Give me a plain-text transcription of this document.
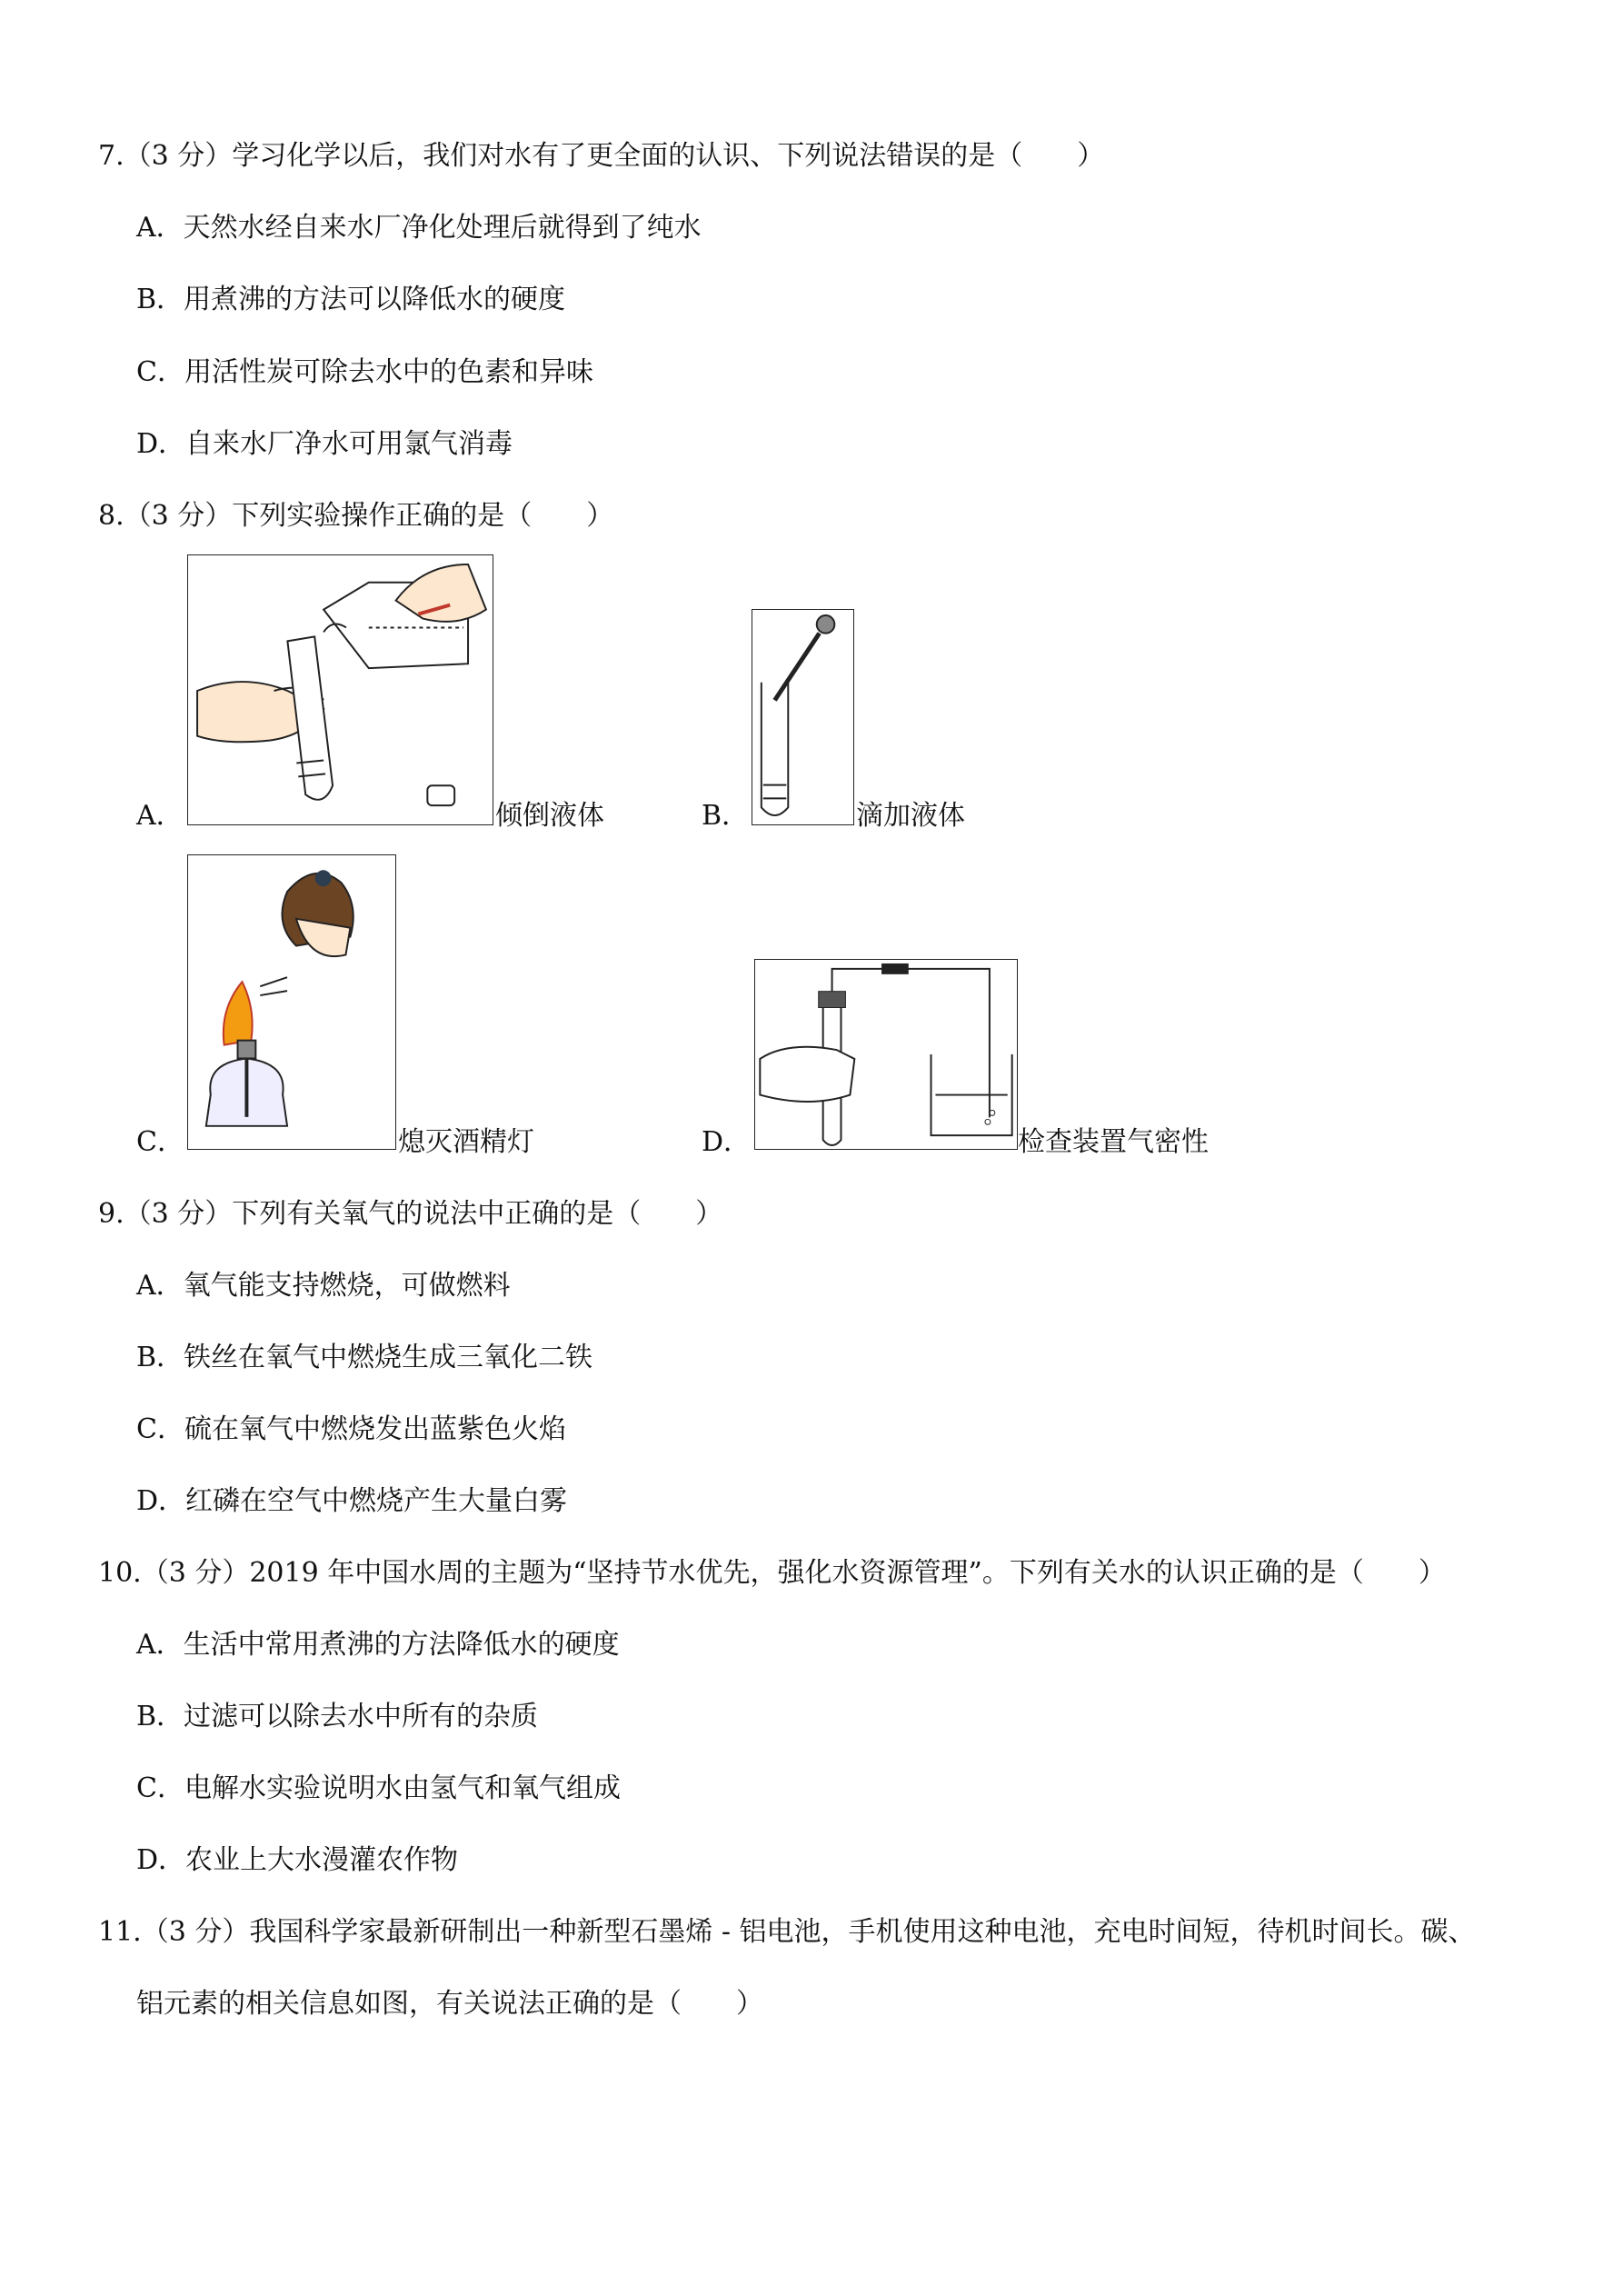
7.（3 分）学习化学以后，我们对水有了更全面的认识、下列说法错误的是（　　）
A．天然水经自来水厂净化处理后就得到了纯水
B．用煮沸的方法可以降低水的硬度
C．用活性炭可除去水中的色素和异味
D．自来水厂净水可用氯气消毒
8.（3 分）下列实验操作正确的是（　　）
A．	倾倒液体	B．	滴加液体
C．	熄灭酒精灯	D．	检查装置气密性
9.（3 分）下列有关氧气的说法中正确的是（　　）
A．氧气能支持燃烧，可做燃料
B．铁丝在氧气中燃烧生成三氧化二铁
C．硫在氧气中燃烧发出蓝紫色火焰
D．红磷在空气中燃烧产生大量白雾
10.（3 分）2019 年中国水周的主题为“坚持节水优先，强化水资源管理”。下列有关水的认识正确的是（　　）
A．生活中常用煮沸的方法降低水的硬度
B．过滤可以除去水中所有的杂质
C．电解水实验说明水由氢气和氧气组成
D．农业上大水漫灌农作物
11.（3 分）我国科学家最新研制出一种新型石墨烯 - 铝电池，手机使用这种电池，充电时间短，待机时间长。碳、
铝元素的相关信息如图，有关说法正确的是（　　）
